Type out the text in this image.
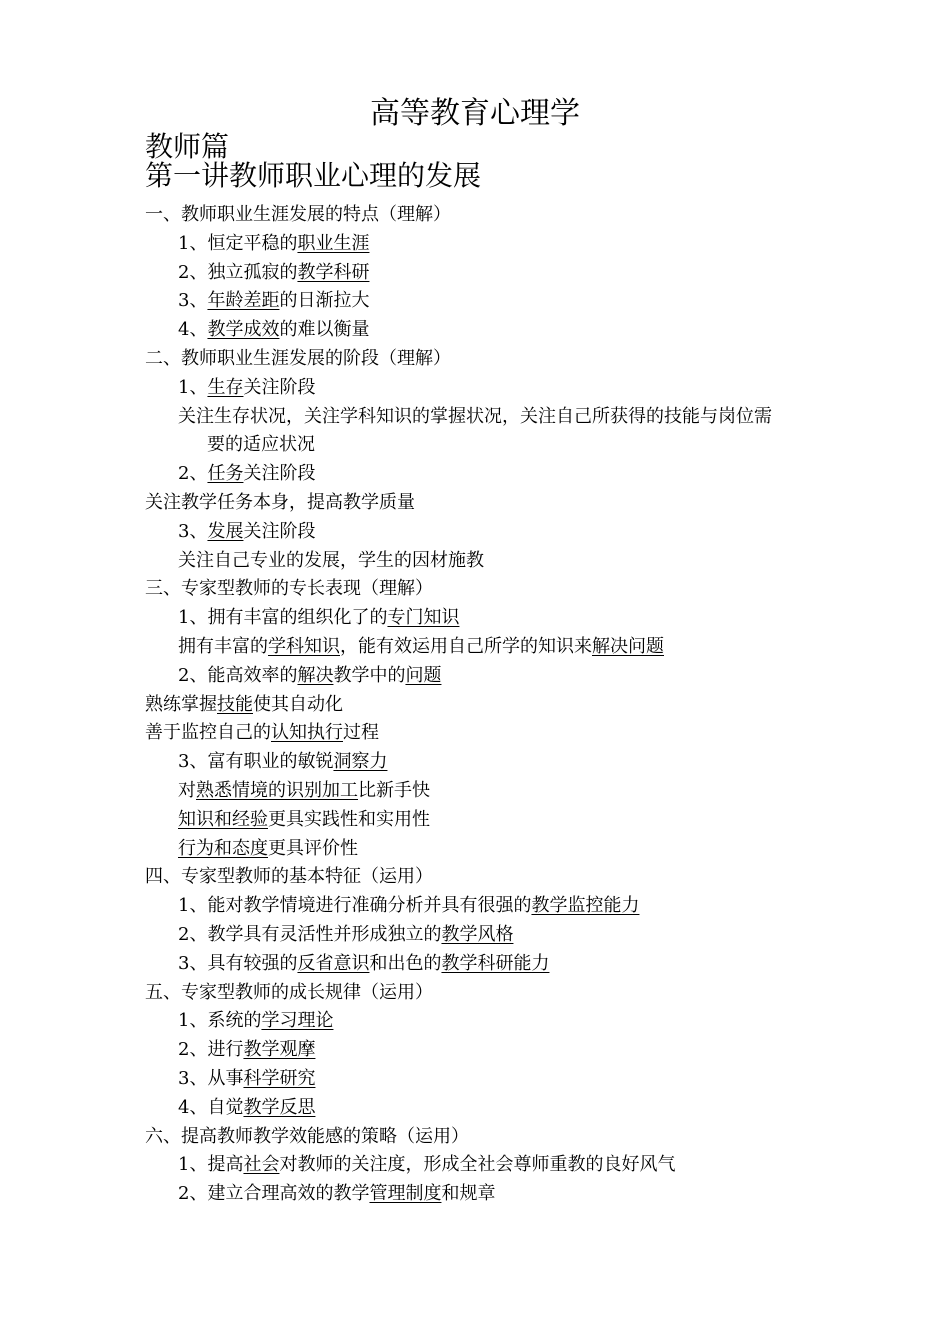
高等教育心理学
教师篇
第一讲教师职业心理的发展
一、教师职业生涯发展的特点（理解）
1、恒定平稳的职业生涯
2、独立孤寂的教学科研
3、年龄差距的日渐拉大
4、教学成效的难以衡量
二、教师职业生涯发展的阶段（理解）
1、生存关注阶段
关注生存状况，关注学科知识的掌握状况，关注自己所获得的技能与岗位需
要的适应状况
2、任务关注阶段
关注教学任务本身，提高教学质量
3、发展关注阶段
关注自己专业的发展，学生的因材施教
三、专家型教师的专长表现（理解）
1、拥有丰富的组织化了的专门知识
拥有丰富的学科知识，能有效运用自己所学的知识来解决问题
2、能高效率的解决教学中的问题
熟练掌握技能使其自动化
善于监控自己的认知执行过程
3、富有职业的敏锐洞察力
对熟悉情境的识别加工比新手快
知识和经验更具实践性和实用性
行为和态度更具评价性
四、专家型教师的基本特征（运用）
1、能对教学情境进行准确分析并具有很强的教学监控能力
2、教学具有灵活性并形成独立的教学风格
3、具有较强的反省意识和出色的教学科研能力
五、专家型教师的成长规律（运用）
1、系统的学习理论
2、进行教学观摩
3、从事科学研究
4、自觉教学反思
六、提高教师教学效能感的策略（运用）
1、提高社会对教师的关注度，形成全社会尊师重教的良好风气
2、建立合理高效的教学管理制度和规章
